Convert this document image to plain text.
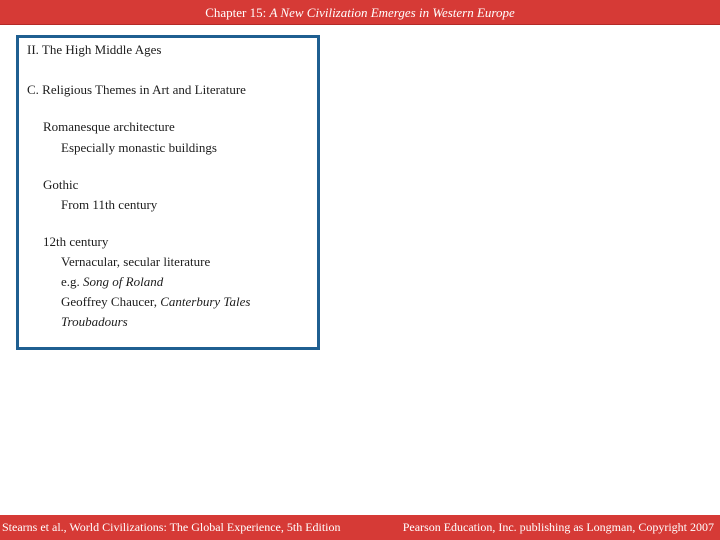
Chapter 15: A New Civilization Emerges in Western Europe
II. The High Middle Ages
C. Religious Themes in Art and Literature
Romanesque architecture
Especially monastic buildings
Gothic
From 11th century
12th century
Vernacular, secular literature
e.g. Song of Roland
Geoffrey Chaucer, Canterbury Tales
Troubadours
Stearns et al., World Civilizations: The Global Experience, 5th Edition	Pearson Education, Inc. publishing as Longman, Copyright 2007
